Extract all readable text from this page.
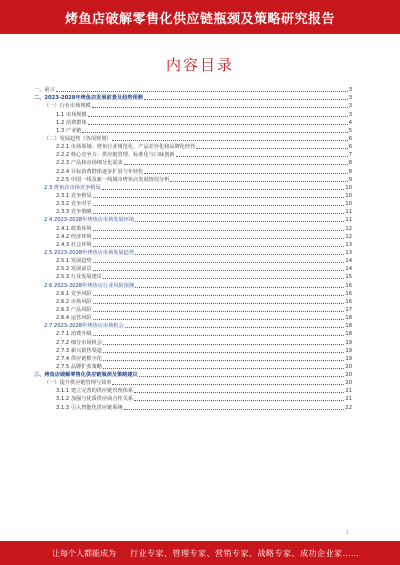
烤鱼店破解零售化供应链瓶颈及策略研究报告
内容目录
一、前言	3
二、2023-2028年烤鱼店发展前景及趋势预测	3
（一）行业市场规模	3
1.1 市场规模	3
1.2 消费群体	4
1.3 产业链	5
（二）发展趋势（各项规划）	6
2.2.1 市场领域：烤鱼行业规范化，产品差异化和品牌化经营	6
2.2.2 核心竞争力：供应链管理、标准化与口味创新	7
2.2.3 产品和市场细分化需求	8
2.2.4 目标消费群体逐步扩展与年轻化	8
2.2.5 中国一线及新一线城市烤鱼店发展情况分析	9
2.3 烤鱼店市场竞争格局	10
2.3.1 竞争格局	10
2.3.2 竞争对手	10
2.3.3 竞争策略	11
2.4 2023-2028年烤鱼店市场发展环境	11
2.4.1 政策环境	12
2.4.2 经济环境	12
2.4.3 社会环境	13
2.5 2023-2028年烤鱼店市场发展趋势	13
2.5.1 发展趋势	14
2.5.2 发展前景	14
2.5.3 行业发展建议	15
2.6 2023-2028年烤鱼店行业风险预测	16
2.6.1 竞争风险	16
2.6.2 市场风险	16
2.6.3 产品风险	17
2.6.4 运营风险	18
2.7 2023-2028年烤鱼店市场机会	18
2.7.1 消费升级	18
2.7.2 细分市场机会	19
2.7.3 新兴销售渠道	19
2.7.4 供应链数字化	19
2.7.5 品牌扩张策略	20
三、烤鱼店破解零售化供应链瓶颈及策略建议	20
（一）提升供应链管理与效率	20
3.1.1 建立完善的供应链管理体系	21
3.1.2 加强与优质供应商合作关系	21
3.1.3 引入智能化供应链系统	22
1
让每个人都能成为 行业专家、管理专家、营销专家、战略专家、成功企业家……
